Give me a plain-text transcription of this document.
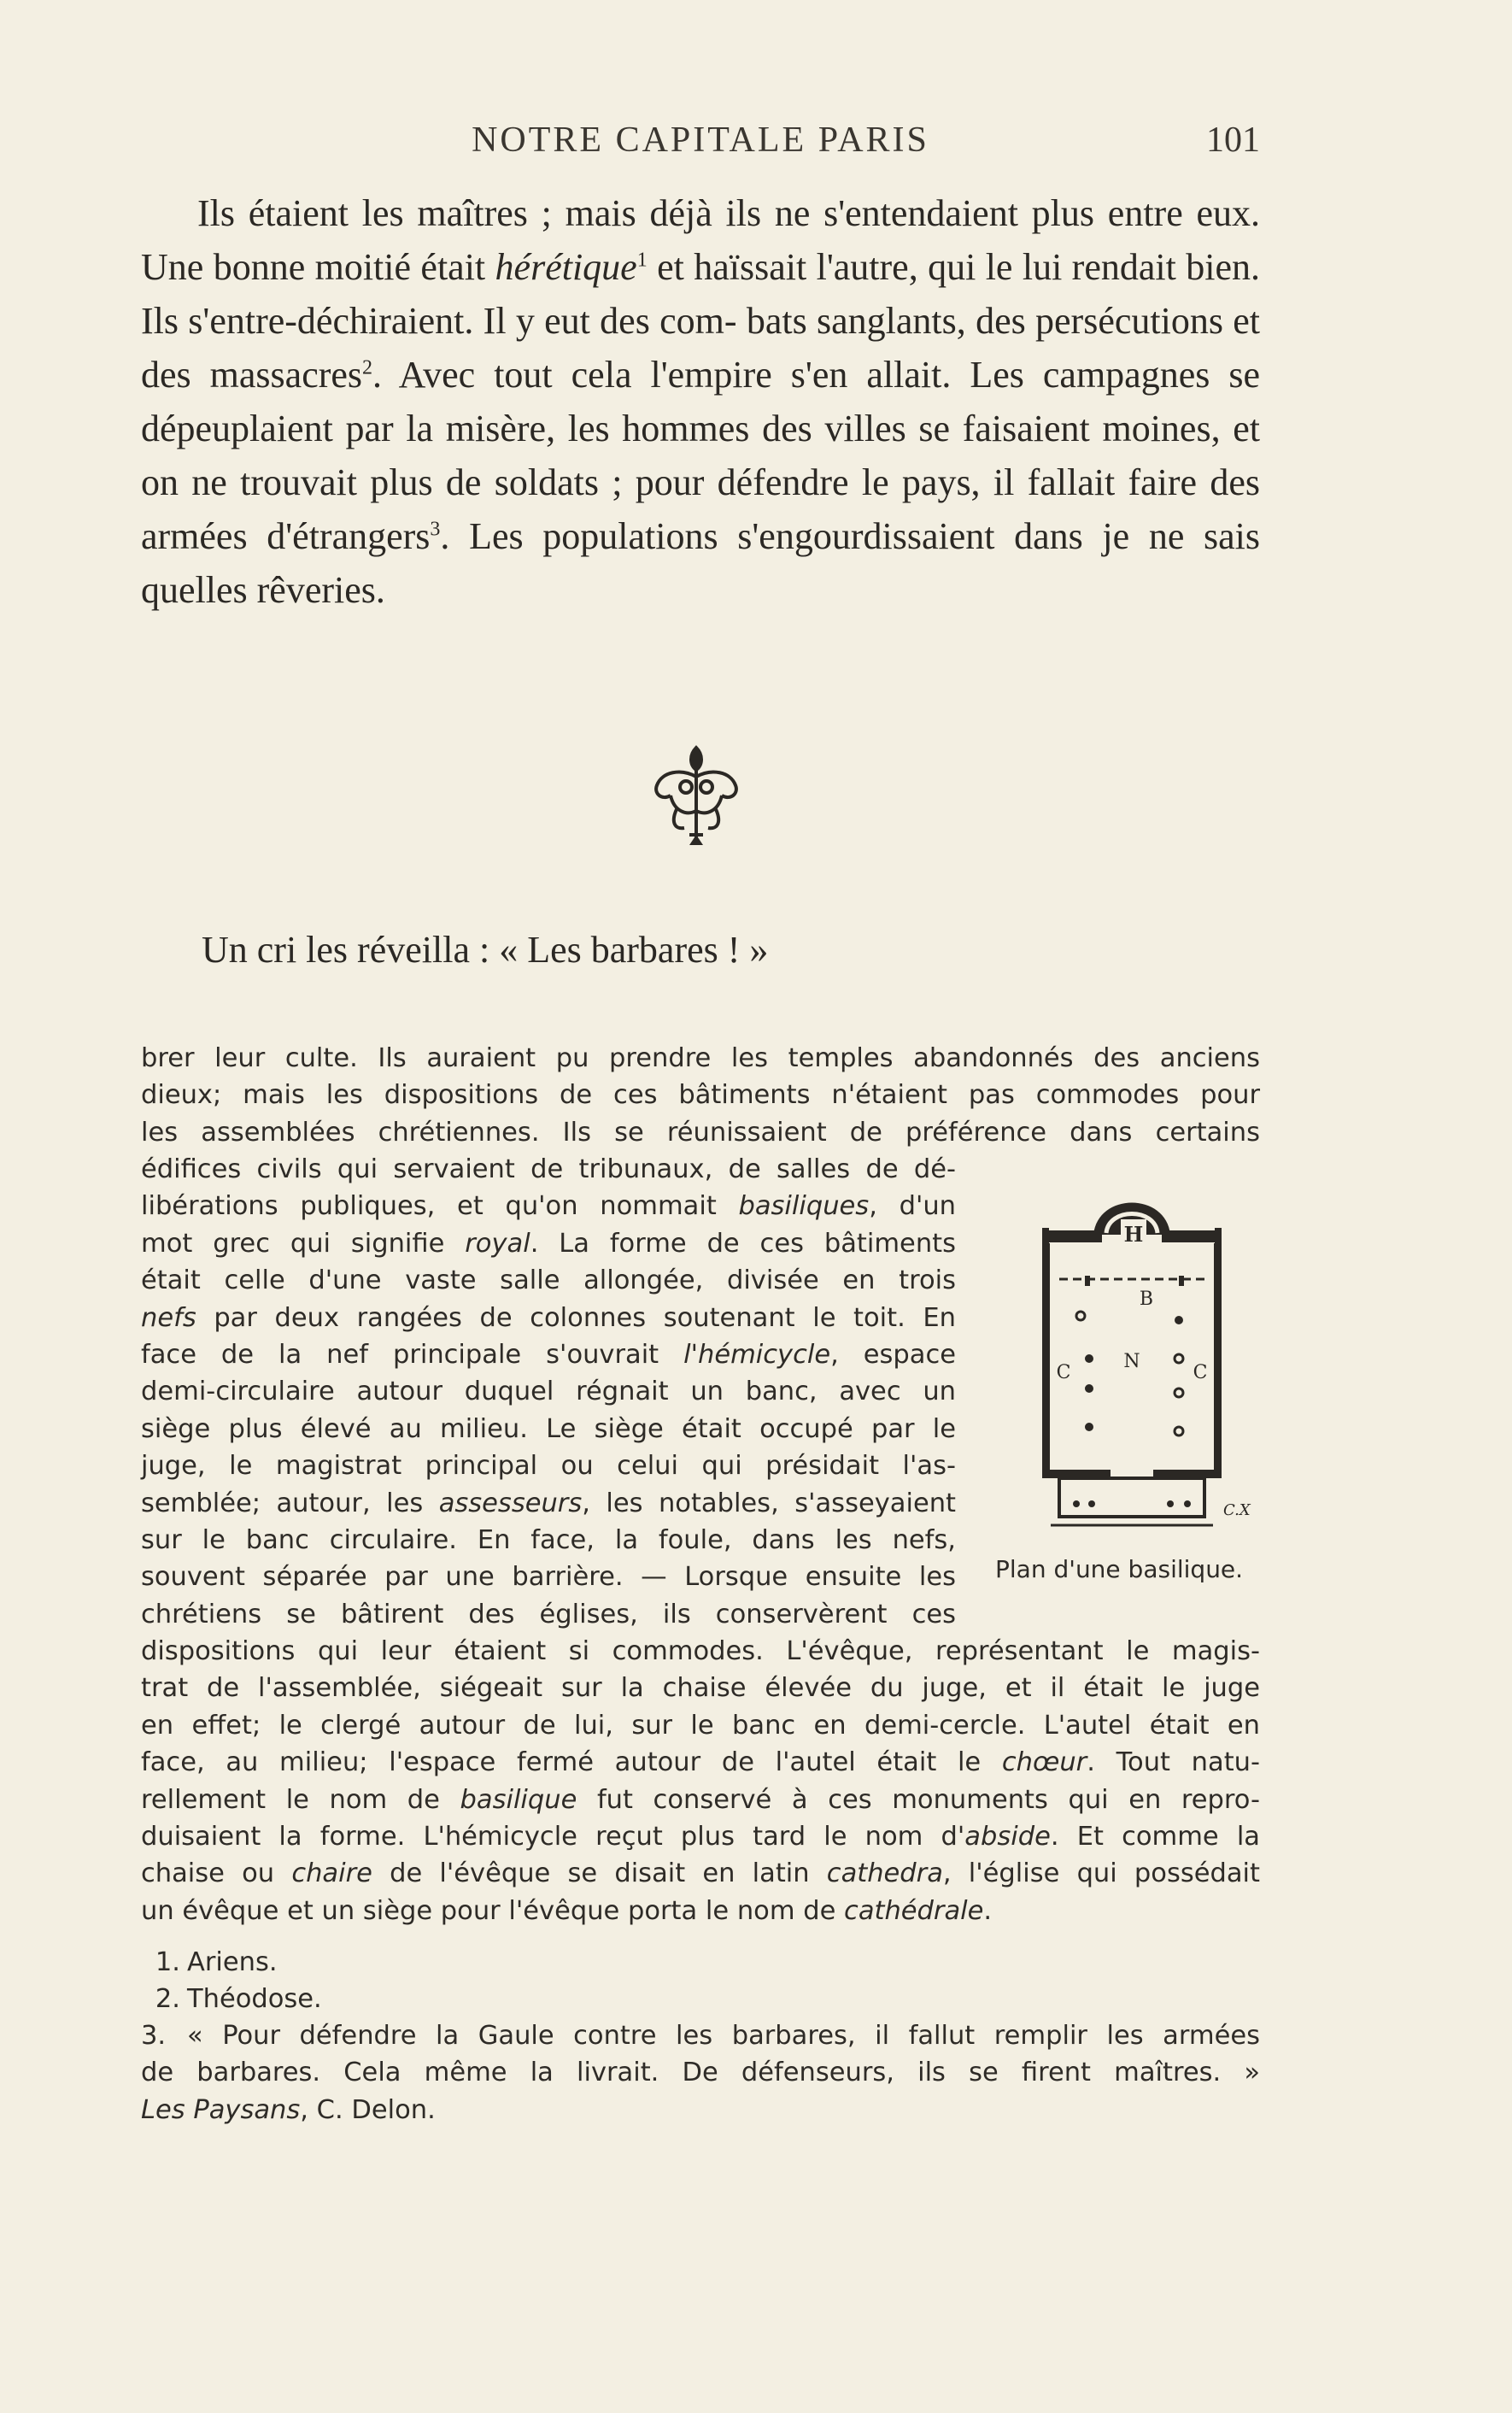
NOTRE CAPITALE PARIS	101

Ils étaient les maîtres ; mais déjà ils ne s'entendaient plus entre eux. Une bonne moitié était hérétique$^1$ et haïssait l'autre, qui le lui rendait bien. Ils s'entre-déchiraient. Il y eut des com- bats sanglants, des persécutions et des massacres$^2$. Avec tout cela l'empire s'en allait. Les campagnes se dépeuplaient par la misère, les hommes des villes se faisaient moines, et on ne trouvait plus de soldats ; pour défendre le pays, il fallait faire des armées d'étrangers$^3$. Les populations s'engourdissaient dans je ne sais quelles rêveries.

Un cri les réveilla : « Les barbares ! »
brer leur culte. Ils auraient pu prendre les temples abandonnés des anciens
dieux; mais les dispositions de ces bâtiments n'étaient pas commodes pour
les assemblées chrétiennes. Ils se réunissaient de préférence dans certains
édifices civils qui servaient de tribunaux, de salles de dé-
libérations publiques, et qu'on nommait basiliques, d'un
mot grec qui signifie royal. La forme de ces bâtiments
était celle d'une vaste salle allongée, divisée en trois
nefs par deux rangées de colonnes soutenant le toit. En
face de la nef principale s'ouvrait l'hémicycle, espace
demi-circulaire autour duquel régnait un banc, avec un
siège plus élevé au milieu. Le siège était occupé par le
juge, le magistrat principal ou celui qui présidait l'as-
semblée; autour, les assesseurs, les notables, s'asseyaient
sur le banc circulaire. En face, la foule, dans les nefs,
souvent séparée par une barrière. — Lorsque ensuite les
chrétiens se bâtirent des églises, ils conservèrent ces
H
B
C
N
C
C.X
Plan d'une basilique.
dispositions qui leur étaient si commodes. L'évêque, représentant le magis-
trat de l'assemblée, siégeait sur la chaise élevée du juge, et il était le juge
en effet; le clergé autour de lui, sur le banc en demi-cercle. L'autel était en
face, au milieu; l'espace fermé autour de l'autel était le chœur. Tout natu-
rellement le nom de basilique fut conservé à ces monuments qui en repro-
duisaient la forme. L'hémicycle reçut plus tard le nom d'abside. Et comme la
chaise ou chaire de l'évêque se disait en latin cathedra, l'église qui possédait
un évêque et un siège pour l'évêque porta le nom de cathédrale.
1. Ariens.
2. Théodose.
3. « Pour défendre la Gaule contre les barbares, il fallut remplir les armées
de barbares. Cela même la livrait. De défenseurs, ils se firent maîtres. »
Les Paysans, C. Delon.
